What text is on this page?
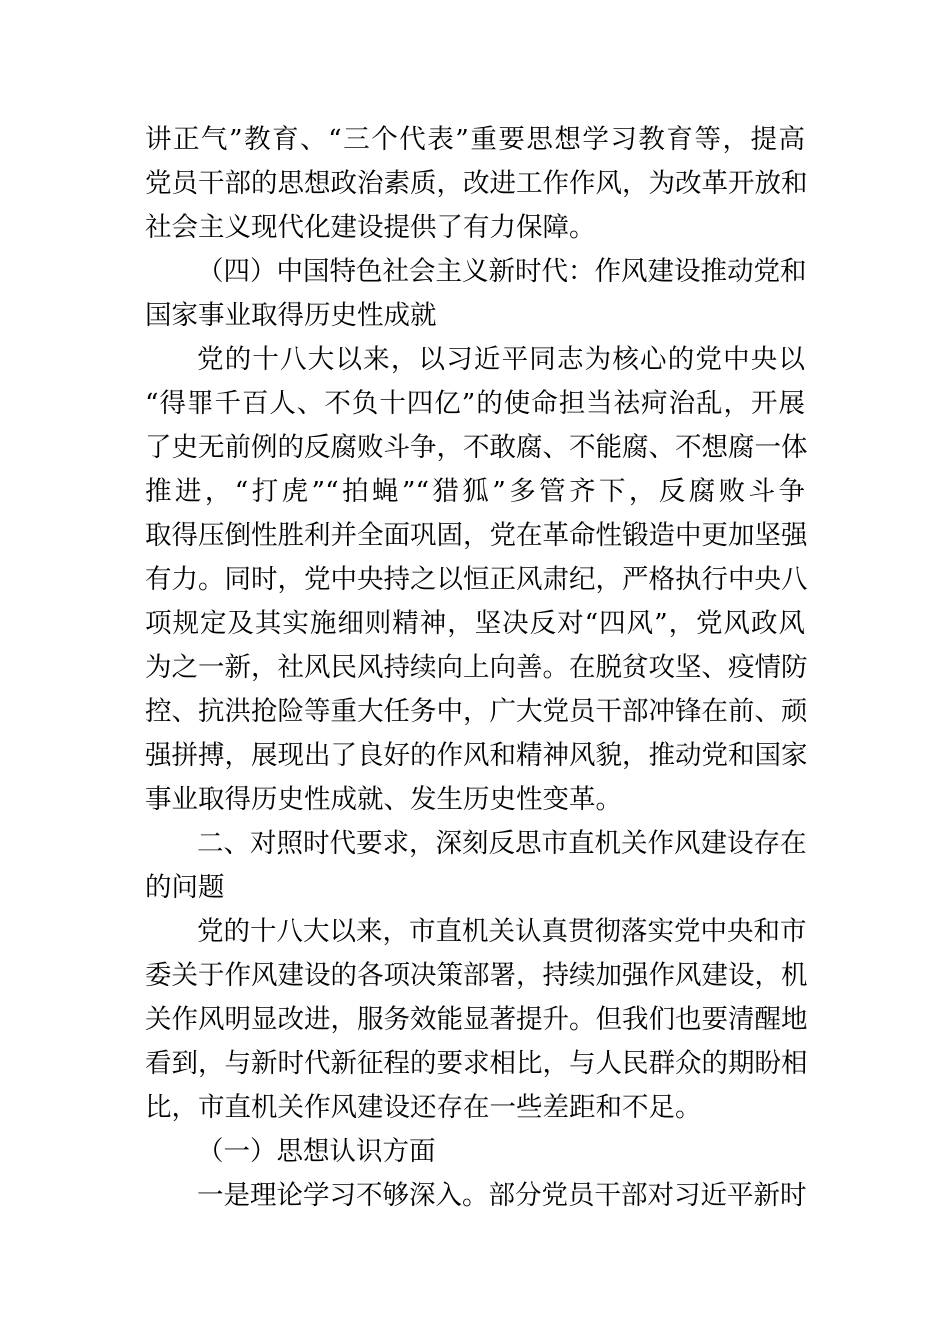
讲正气”教育、“三个代表”重要思想学习教育等，提高
党员干部的思想政治素质，改进工作作风，为改革开放和
社会主义现代化建设提供了有力保障。
（四）中国特色社会主义新时代：作风建设推动党和
国家事业取得历史性成就
党的十八大以来，以习近平同志为核心的党中央以
“得罪千百人、不负十四亿”的使命担当祛疴治乱，开展
了史无前例的反腐败斗争，不敢腐、不能腐、不想腐一体
推进，“打虎”“拍蝇”“猎狐”多管齐下，反腐败斗争
取得压倒性胜利并全面巩固，党在革命性锻造中更加坚强
有力。同时，党中央持之以恒正风肃纪，严格执行中央八
项规定及其实施细则精神，坚决反对“四风”，党风政风
为之一新，社风民风持续向上向善。在脱贫攻坚、疫情防
控、抗洪抢险等重大任务中，广大党员干部冲锋在前、顽
强拼搏，展现出了良好的作风和精神风貌，推动党和国家
事业取得历史性成就、发生历史性变革。
二、对照时代要求，深刻反思市直机关作风建设存在
的问题
党的十八大以来，市直机关认真贯彻落实党中央和市
委关于作风建设的各项决策部署，持续加强作风建设，机
关作风明显改进，服务效能显著提升。但我们也要清醒地
看到，与新时代新征程的要求相比，与人民群众的期盼相
比，市直机关作风建设还存在一些差距和不足。
（一）思想认识方面
一是理论学习不够深入。部分党员干部对习近平新时
